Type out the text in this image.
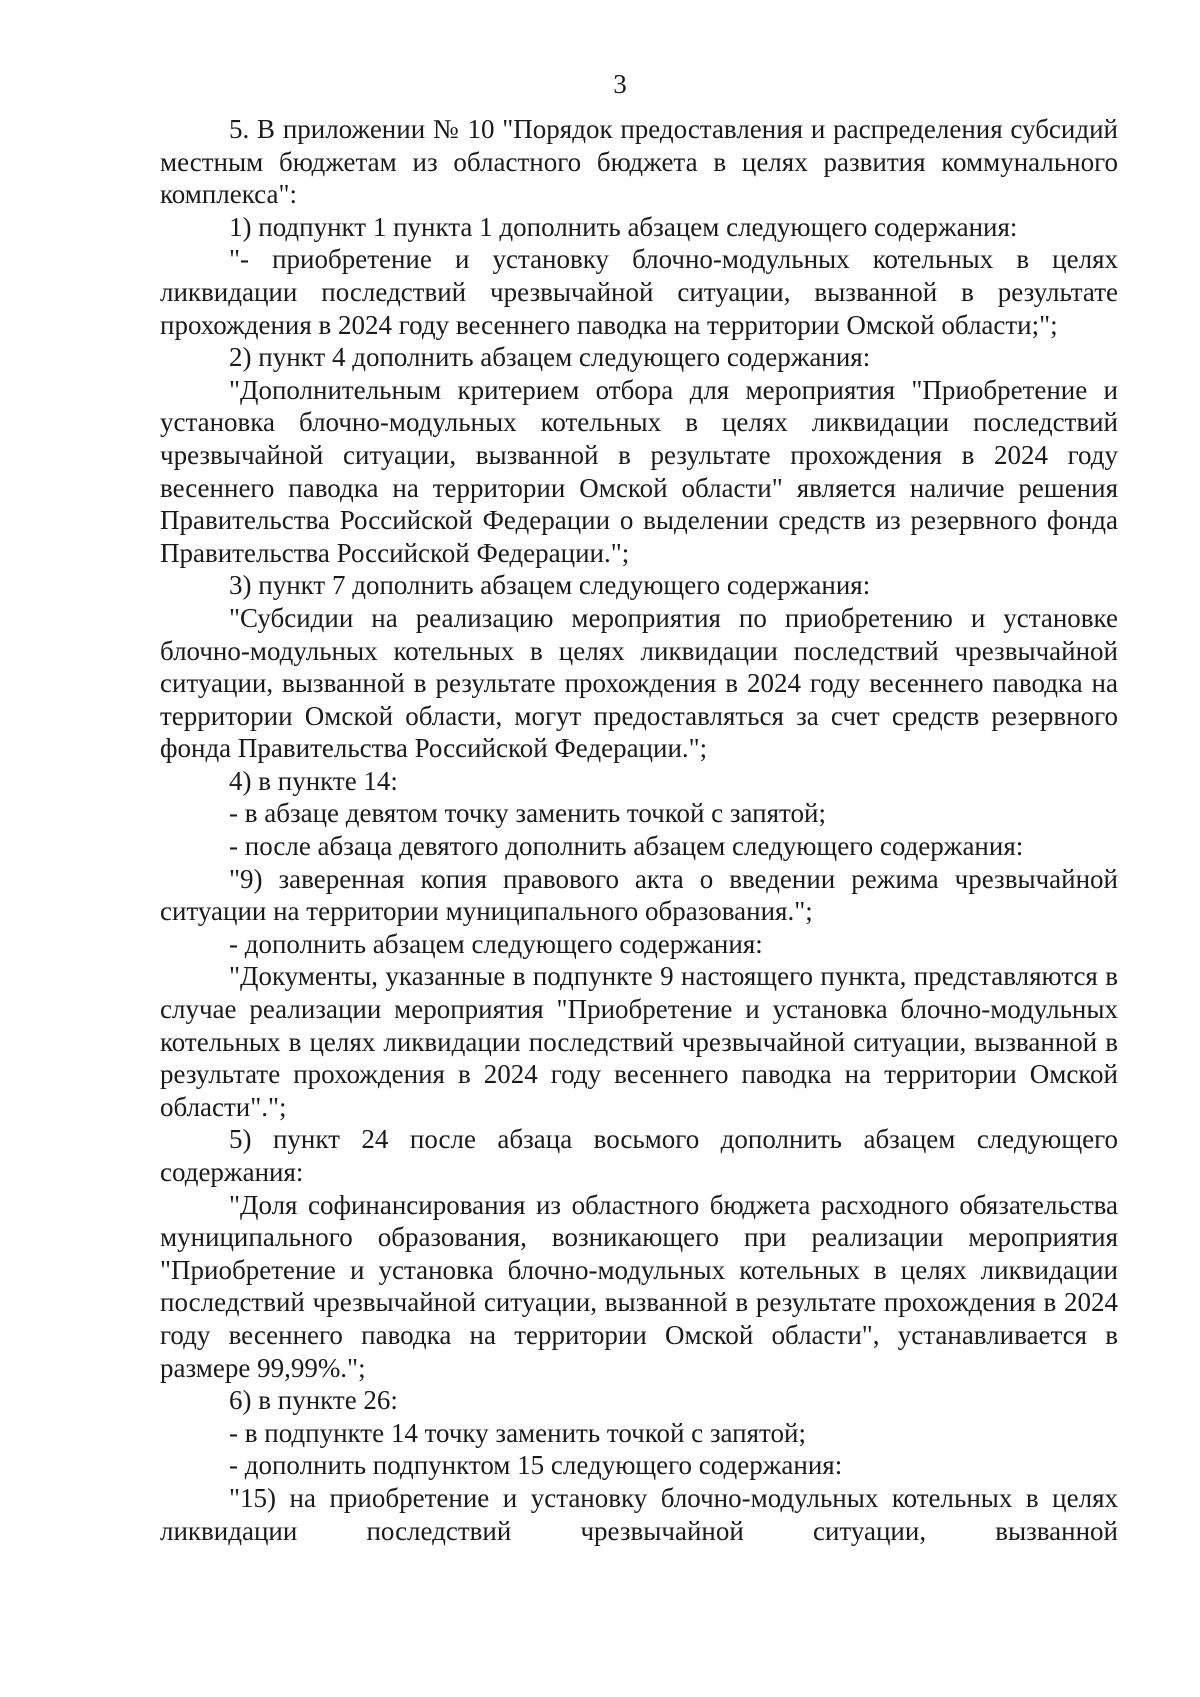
3

5. В приложении № 10 "Порядок предоставления и распределения субсидий местным бюджетам из областного бюджета в целях развития коммунального комплекса":

1) подпункт 1 пункта 1 дополнить абзацем следующего содержания:

"- приобретение и установку блочно-модульных котельных в целях ликвидации последствий чрезвычайной ситуации, вызванной в результате прохождения в 2024 году весеннего паводка на территории Омской области;";

2) пункт 4 дополнить абзацем следующего содержания:

"Дополнительным критерием отбора для мероприятия "Приобретение и установка блочно-модульных котельных в целях ликвидации последствий чрезвычайной ситуации, вызванной в результате прохождения в 2024 году весеннего паводка на территории Омской области" является наличие решения Правительства Российской Федерации о выделении средств из резервного фонда Правительства Российской Федерации.";

3) пункт 7 дополнить абзацем следующего содержания:

"Субсидии на реализацию мероприятия по приобретению и установке блочно-модульных котельных в целях ликвидации последствий чрезвычайной ситуации, вызванной в результате прохождения в 2024 году весеннего паводка на территории Омской области, могут предоставляться за счет средств резервного фонда Правительства Российской Федерации.";

4) в пункте 14:

- в абзаце девятом точку заменить точкой с запятой;

- после абзаца девятого дополнить абзацем следующего содержания:

"9) заверенная копия правового акта о введении режима чрезвычайной ситуации на территории муниципального образования.";

- дополнить абзацем следующего содержания:

"Документы, указанные в подпункте 9 настоящего пункта, представляются в случае реализации мероприятия "Приобретение и установка блочно-модульных котельных в целях ликвидации последствий чрезвычайной ситуации, вызванной в результате прохождения в 2024 году весеннего паводка на территории Омской области".";

5) пункт 24 после абзаца восьмого дополнить абзацем следующего содержания:

"Доля софинансирования из областного бюджета расходного обязательства муниципального образования, возникающего при реализации мероприятия "Приобретение и установка блочно-модульных котельных в целях ликвидации последствий чрезвычайной ситуации, вызванной в результате прохождения в 2024 году весеннего паводка на территории Омской области", устанавливается в размере 99,99%.";

6) в пункте 26:

- в подпункте 14 точку заменить точкой с запятой;

- дополнить подпунктом 15 следующего содержания:

"15) на приобретение и установку блочно-модульных котельных в целях ликвидации последствий чрезвычайной ситуации, вызванной
